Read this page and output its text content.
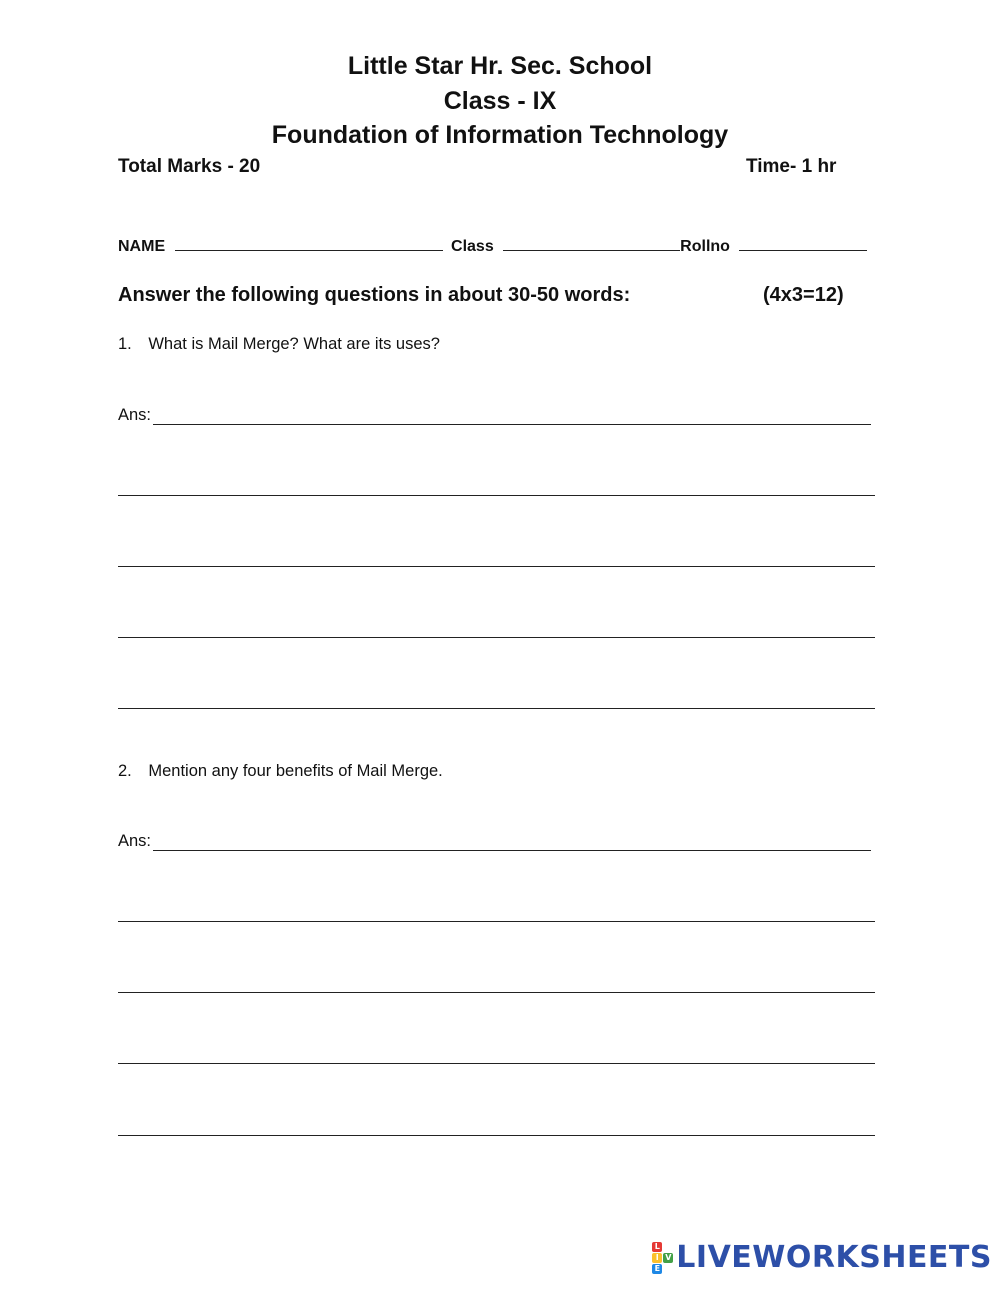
Little Star Hr. Sec. School
Class - IX
Foundation of Information Technology
Total Marks - 20	Time- 1 hr
NAME	Class	Rollno
Answer the following questions in about 30-50 words:	(4x3=12)
1. What is Mail Merge? What are its uses?
Ans:
2. Mention any four benefits of Mail Merge.
Ans:
L
I V
E LIVEWORKSHEETS
